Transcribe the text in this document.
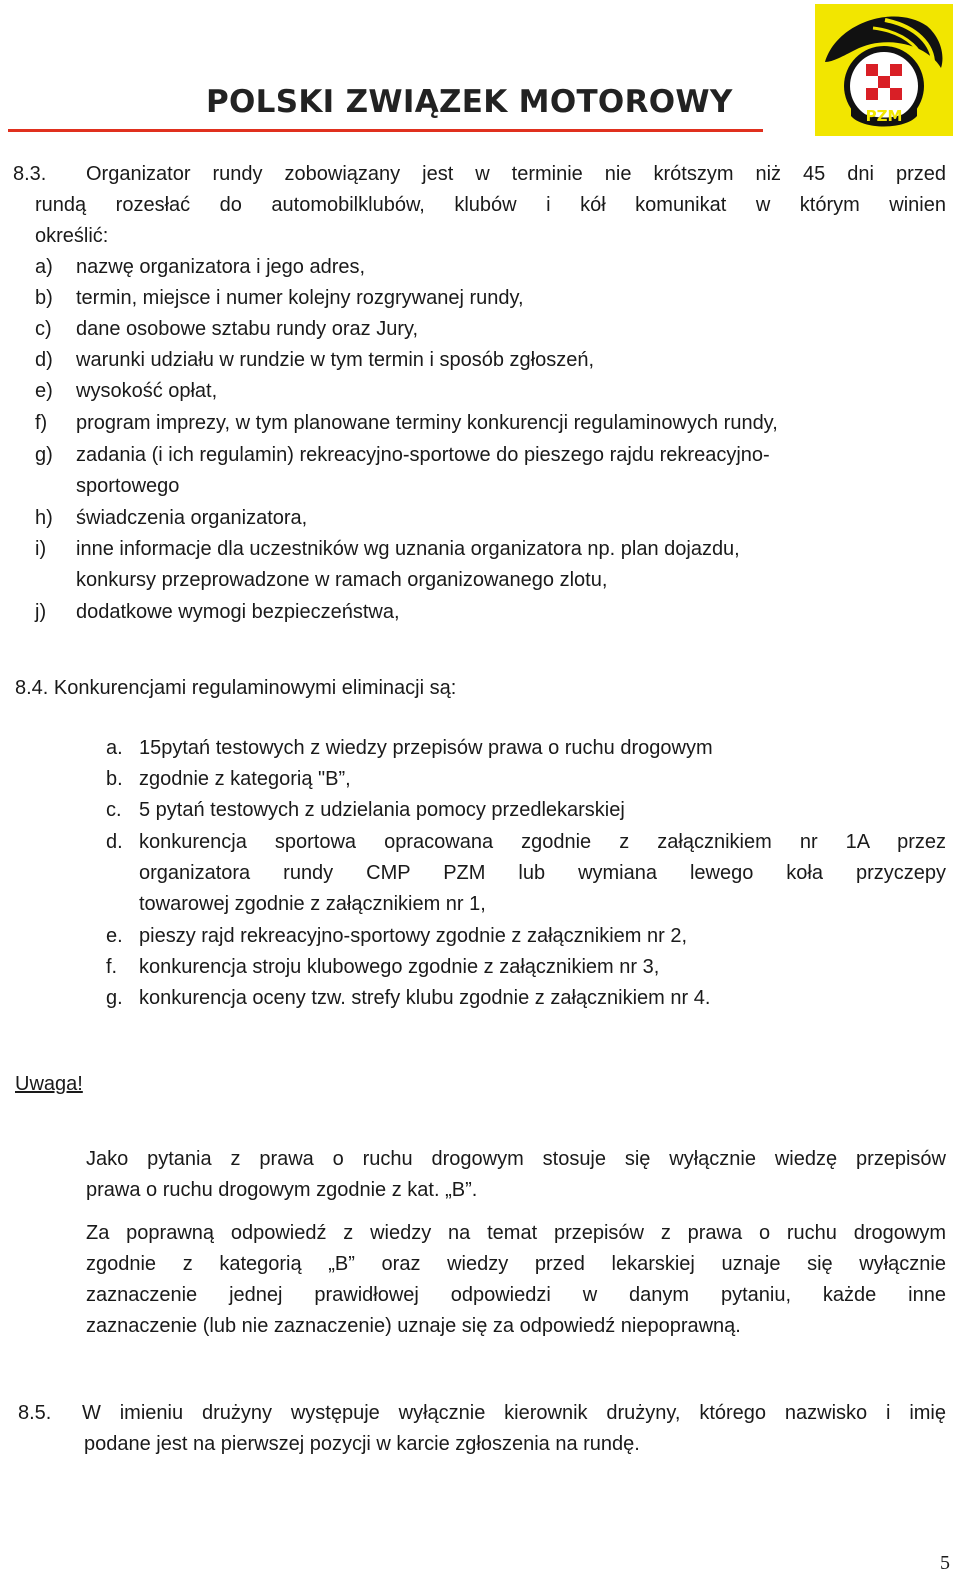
POLSKI ZWIĄZEK MOTOROWY	PZM
8.3. Organizator rundy zobowiązany jest w terminie nie krótszym niż 45 dni przed
rundą rozesłać do automobilklubów, klubów i kół komunikat w którym winien
określić:
a) nazwę organizatora i jego adres,
b) termin, miejsce i numer kolejny rozgrywanej rundy,
c) dane osobowe sztabu rundy oraz Jury,
d) warunki udziału w rundzie w tym termin i sposób zgłoszeń,
e) wysokość opłat,
f) program imprezy, w tym planowane terminy konkurencji regulaminowych rundy,
g) zadania (i ich regulamin) rekreacyjno-sportowe do pieszego rajdu rekreacyjno-
sportowego
h) świadczenia organizatora,
i) inne informacje dla uczestników wg uznania organizatora np. plan dojazdu,
konkursy przeprowadzone w ramach organizowanego zlotu,
j) dodatkowe wymogi bezpieczeństwa,
8.4. Konkurencjami regulaminowymi eliminacji są:
a. 15pytań testowych z wiedzy przepisów prawa o ruchu drogowym
b. zgodnie z kategorią "B”,
c. 5 pytań testowych z udzielania pomocy przedlekarskiej
d. konkurencja sportowa opracowana zgodnie z załącznikiem nr 1A przez
organizatora rundy CMP PZM lub wymiana lewego koła przyczepy
towarowej zgodnie z załącznikiem nr 1,
e. pieszy rajd rekreacyjno-sportowy zgodnie z załącznikiem nr 2,
f. konkurencja stroju klubowego zgodnie z załącznikiem nr 3,
g. konkurencja oceny tzw. strefy klubu zgodnie z załącznikiem nr 4.
Uwaga!
Jako pytania z prawa o ruchu drogowym stosuje się wyłącznie wiedzę przepisów
prawa o ruchu drogowym zgodnie z kat. „B”.
Za poprawną odpowiedź z wiedzy na temat przepisów z prawa o ruchu drogowym
zgodnie z kategorią „B” oraz wiedzy przed lekarskiej uznaje się wyłącznie
zaznaczenie jednej prawidłowej odpowiedzi w danym pytaniu, każde inne
zaznaczenie (lub nie zaznaczenie) uznaje się za odpowiedź niepoprawną.
8.5. W imieniu drużyny występuje wyłącznie kierownik drużyny, którego nazwisko i imię
podane jest na pierwszej pozycji w karcie zgłoszenia na rundę.
5
